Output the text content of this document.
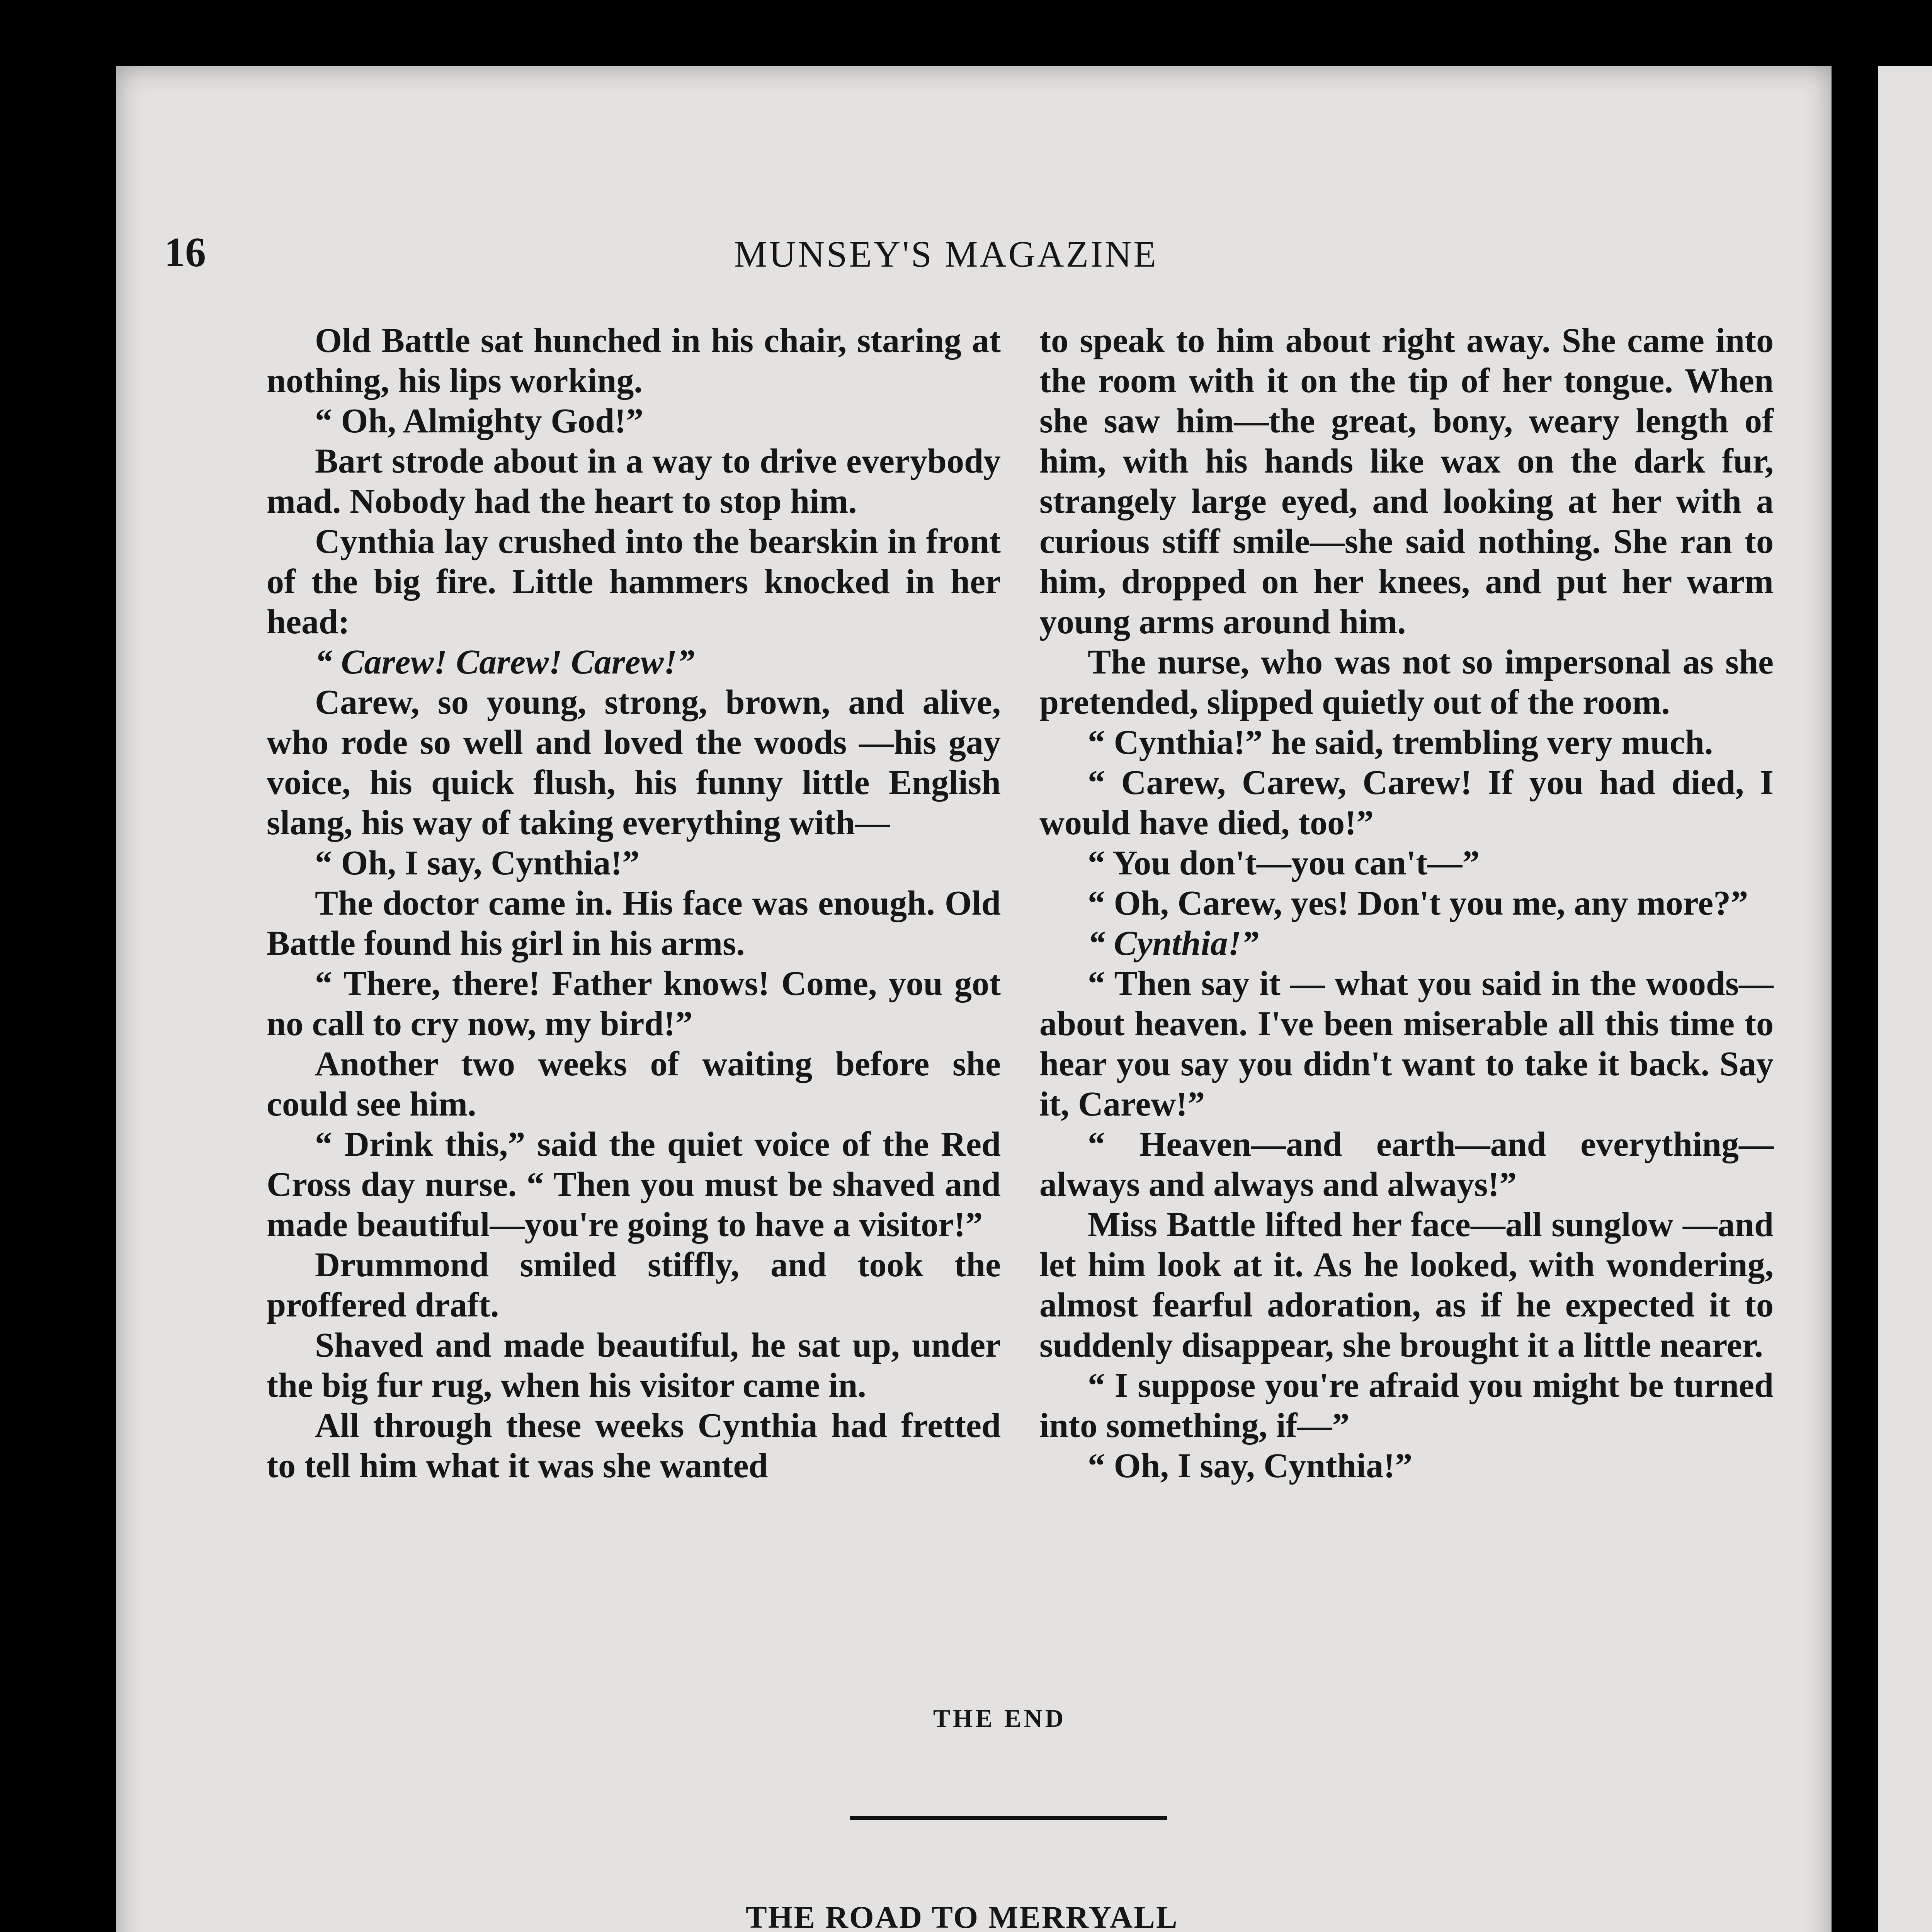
16	MUNSEY'S MAGAZINE

Old Battle sat hunched in his chair, staring at nothing, his lips working.

“ Oh, Almighty God!”

Bart strode about in a way to drive everybody mad. Nobody had the heart to stop him.

Cynthia lay crushed into the bearskin in front of the big fire. Little hammers knocked in her head:

“ Carew! Carew! Carew!”

Carew, so young, strong, brown, and alive, who rode so well and loved the woods —his gay voice, his quick flush, his funny little English slang, his way of taking everything with—

“ Oh, I say, Cynthia!”

The doctor came in. His face was enough. Old Battle found his girl in his arms.

“ There, there! Father knows! Come, you got no call to cry now, my bird!”

Another two weeks of waiting before she could see him.

“ Drink this,” said the quiet voice of the Red Cross day nurse. “ Then you must be shaved and made beautiful—you're going to have a visitor!”

Drummond smiled stiffly, and took the proffered draft.

Shaved and made beautiful, he sat up, under the big fur rug, when his visitor came in.

All through these weeks Cynthia had fretted to tell him what it was she wanted

to speak to him about right away. She came into the room with it on the tip of her tongue. When she saw him—the great, bony, weary length of him, with his hands like wax on the dark fur, strangely large eyed, and looking at her with a curious stiff smile—she said nothing. She ran to him, dropped on her knees, and put her warm young arms around him.

The nurse, who was not so impersonal as she pretended, slipped quietly out of the room.

“ Cynthia!” he said, trembling very much.

“ Carew, Carew, Carew! If you had died, I would have died, too!”

“ You don't—you can't—”

“ Oh, Carew, yes! Don't you me, any more?”

“ Cynthia!”

“ Then say it — what you said in the woods—about heaven. I've been miserable all this time to hear you say you didn't want to take it back. Say it, Carew!”

“ Heaven—and earth—and everything—always and always and always!”

Miss Battle lifted her face—all sunglow —and let him look at it. As he looked, with wondering, almost fearful adoration, as if he expected it to suddenly disappear, she brought it a little nearer.

“ I suppose you're afraid you might be turned into something, if—”

“ Oh, I say, Cynthia!”

THE END

THE ROAD TO MERRYALL
